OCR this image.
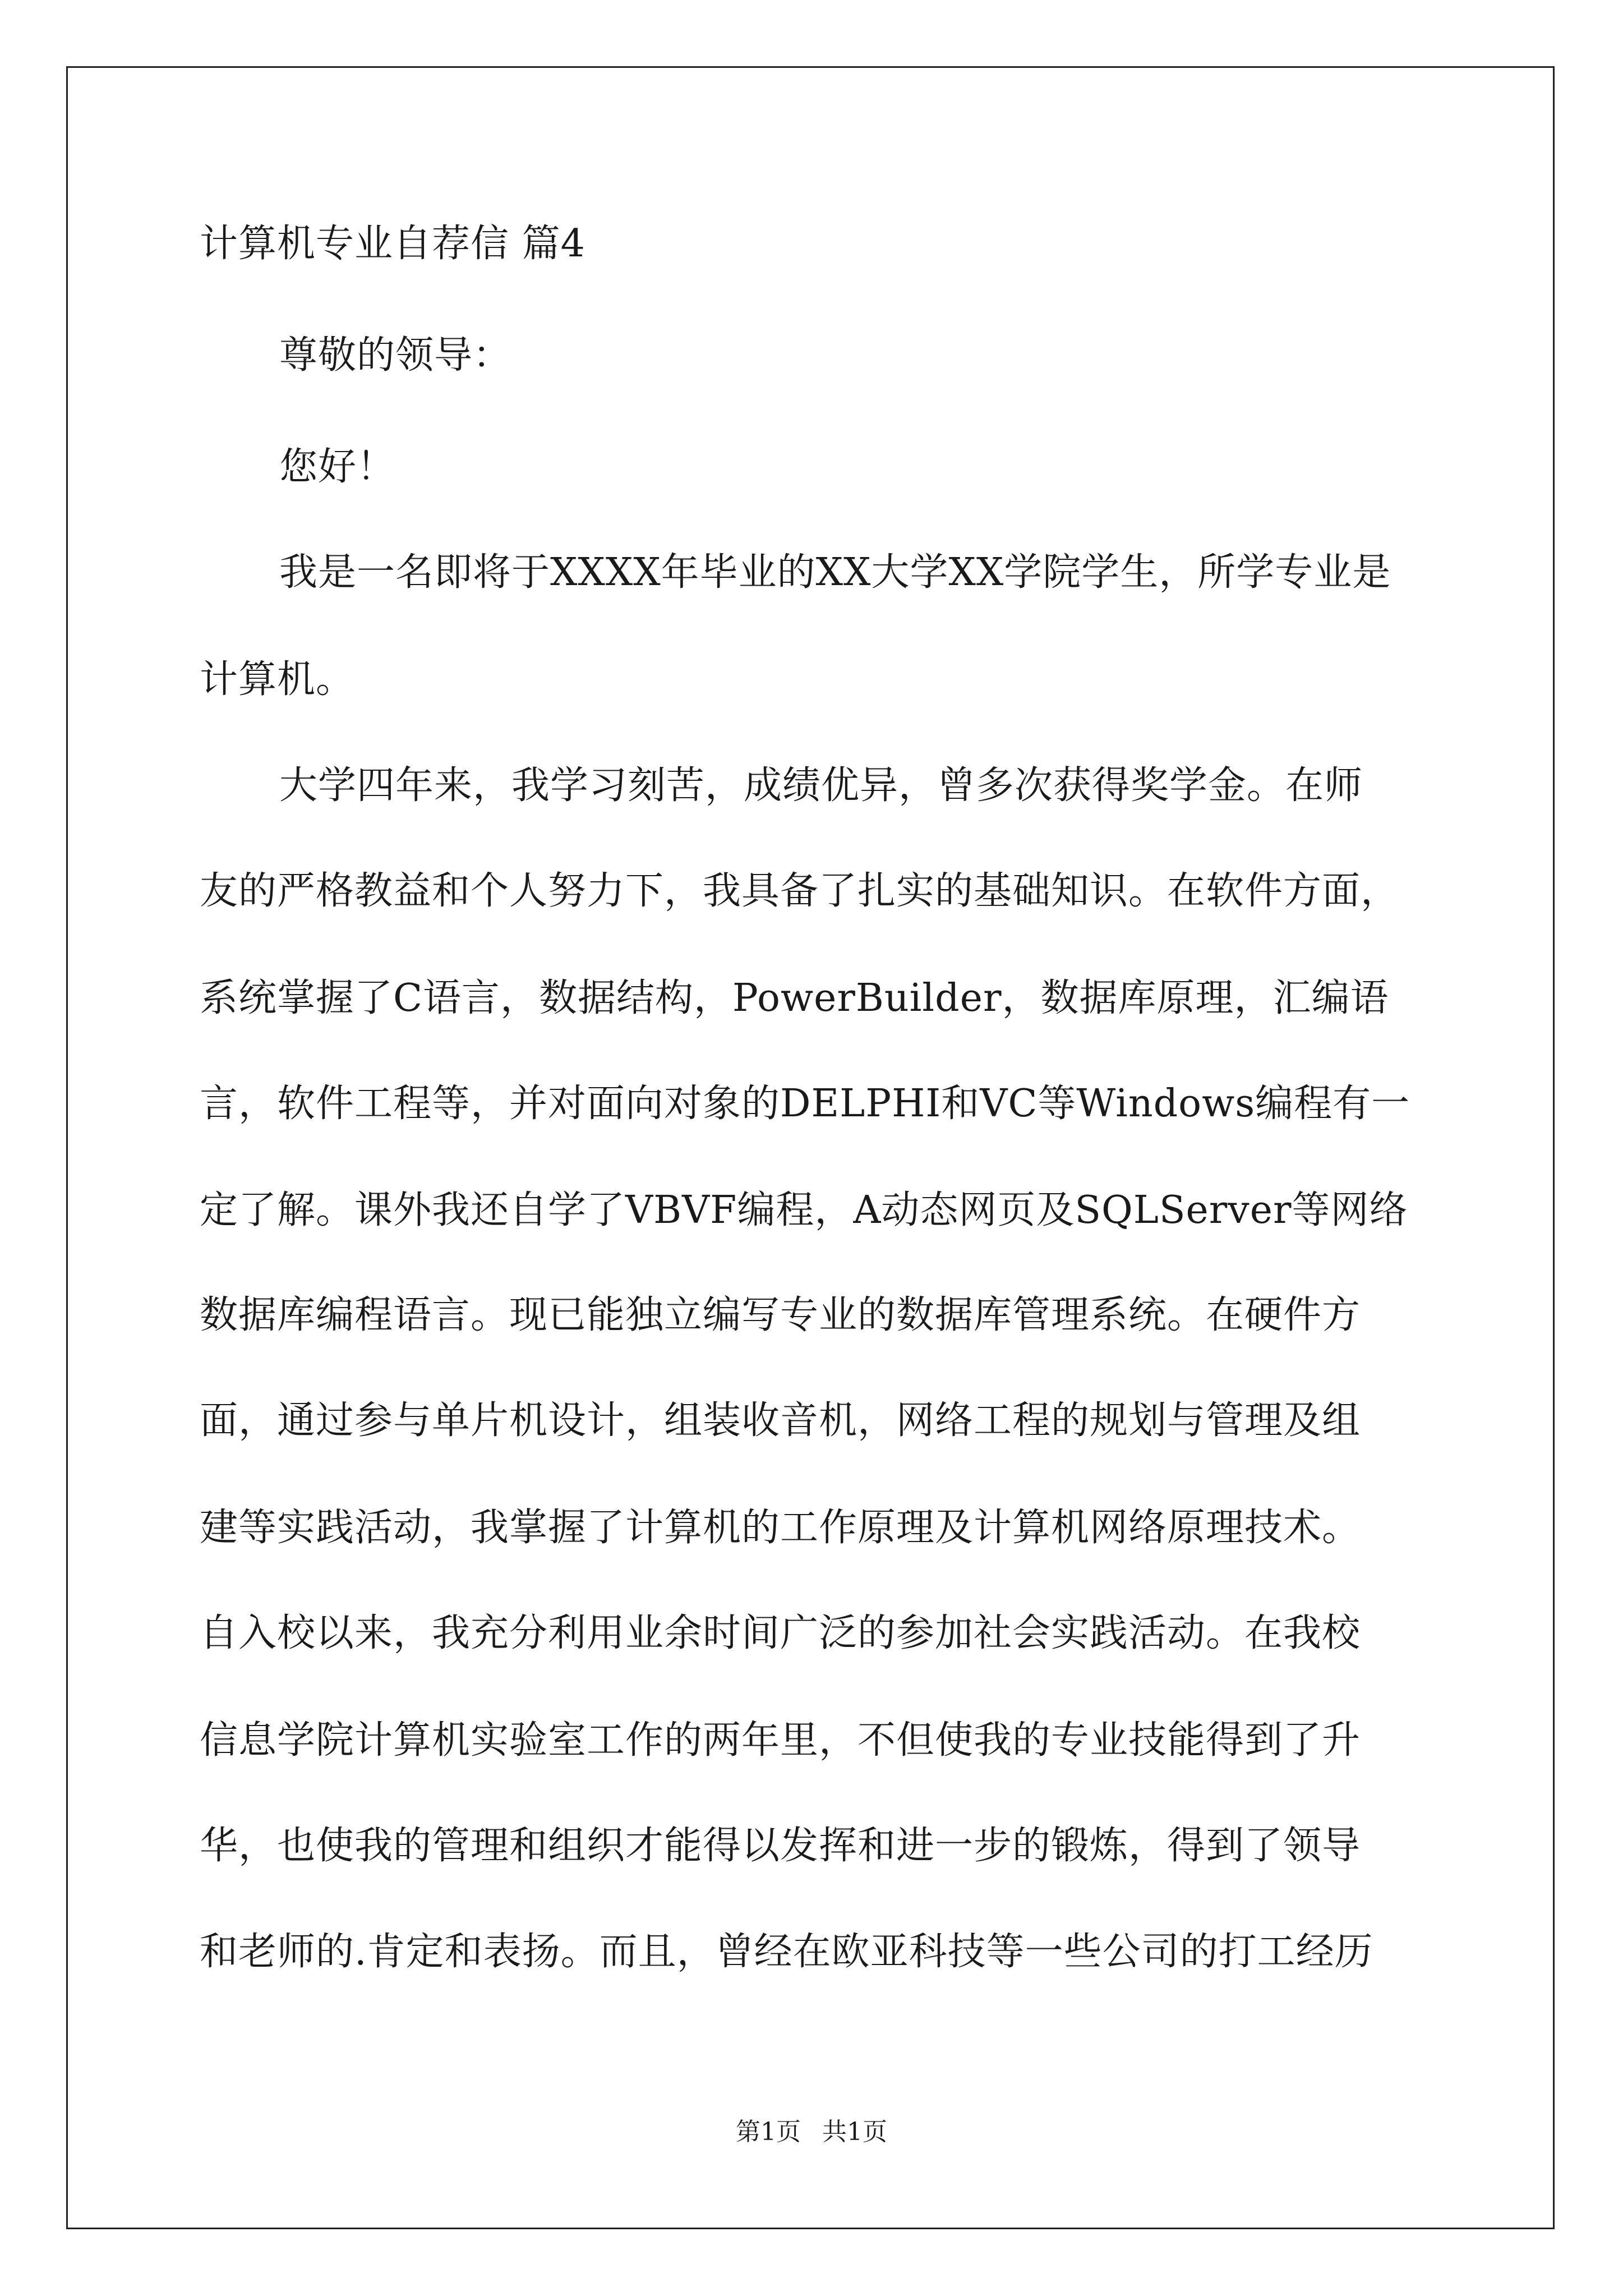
计算机专业自荐信 篇4
尊敬的领导：
您好！
我是一名即将于XXXX年毕业的XX大学XX学院学生，所学专业是
计算机。
大学四年来，我学习刻苦，成绩优异，曾多次获得奖学金。在师
友的严格教益和个人努力下，我具备了扎实的基础知识。在软件方面，
系统掌握了C语言，数据结构，PowerBuilder，数据库原理，汇编语
言，软件工程等，并对面向对象的DELPHI和VC等Windows编程有一
定了解。课外我还自学了VBVF编程，A动态网页及SQLServer等网络
数据库编程语言。现已能独立编写专业的数据库管理系统。在硬件方
面，通过参与单片机设计，组装收音机，网络工程的规划与管理及组
建等实践活动，我掌握了计算机的工作原理及计算机网络原理技术。
自入校以来，我充分利用业余时间广泛的参加社会实践活动。在我校
信息学院计算机实验室工作的两年里，不但使我的专业技能得到了升
华，也使我的管理和组织才能得以发挥和进一步的锻炼，得到了领导
和老师的.肯定和表扬。而且，曾经在欧亚科技等一些公司的打工经历
第1页 共1页
